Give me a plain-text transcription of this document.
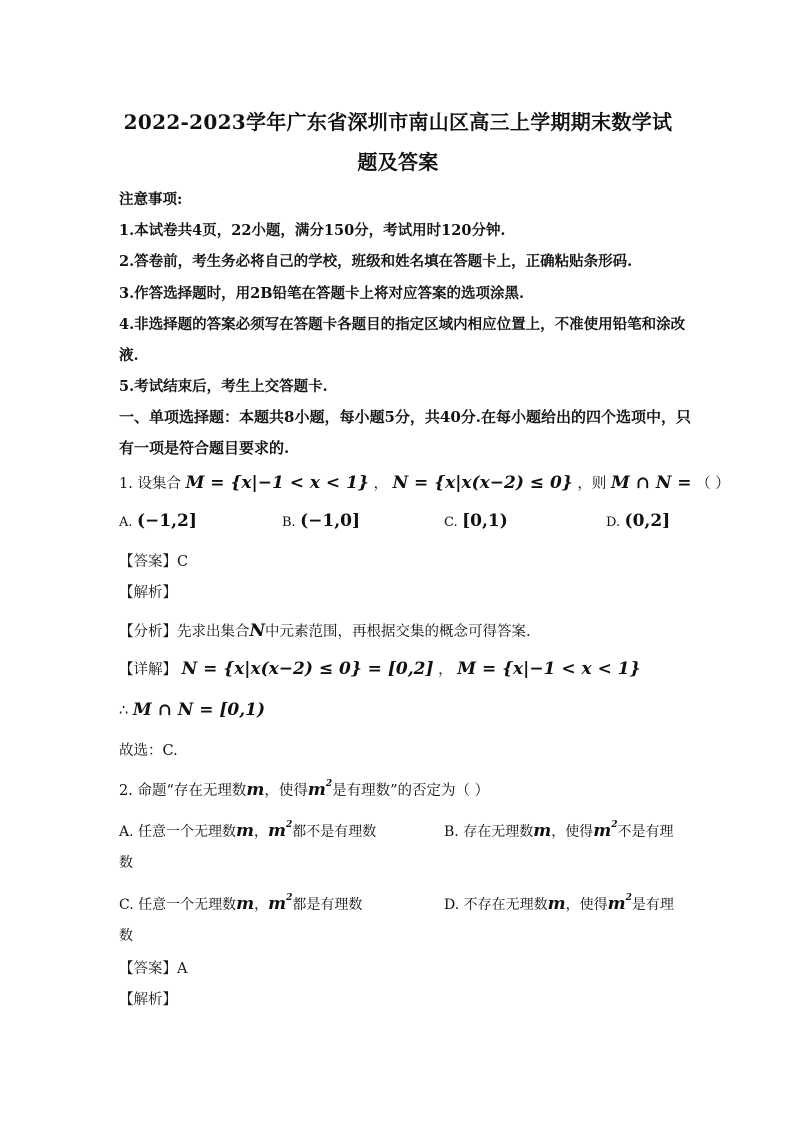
2022-2023学年广东省深圳市南山区高三上学期期末数学试
题及答案
注意事项:
1.本试卷共4页，22小题，满分150分，考试用时120分钟.
2.答卷前，考生务必将自己的学校，班级和姓名填在答题卡上，正确粘贴条形码.
3.作答选择题时，用2B铅笔在答题卡上将对应答案的选项涂黑.
4.非选择题的答案必须写在答题卡各题目的指定区域内相应位置上，不准使用铅笔和涂改
液.
5.考试结束后，考生上交答题卡.
一、单项选择题：本题共8小题，每小题5分，共40分.在每小题给出的四个选项中，只
有一项是符合题目要求的.
1. 设集合 M = {x|−1 < x < 1} ， N = {x|x(x−2) ≤ 0} ，则 M ∩ N = （ ）
A. (−1,2]	B. (−1,0]	C. [0,1)	D. (0,2]
【答案】C
【解析】
【分析】先求出集合N中元素范围，再根据交集的概念可得答案.
【详解】 N = {x|x(x−2) ≤ 0} = [0,2] ， M = {x|−1 < x < 1}
∴ M ∩ N = [0,1)
故选：C.
2. 命题“存在无理数m，使得$m^2$是有理数”的否定为（ ）
A. 任意一个无理数m，$m^2$都不是有理数	B. 存在无理数m，使得$m^2$不是有理
数
C. 任意一个无理数m，$m^2$都是有理数	D. 不存在无理数m，使得$m^2$是有理
数
【答案】A
【解析】
